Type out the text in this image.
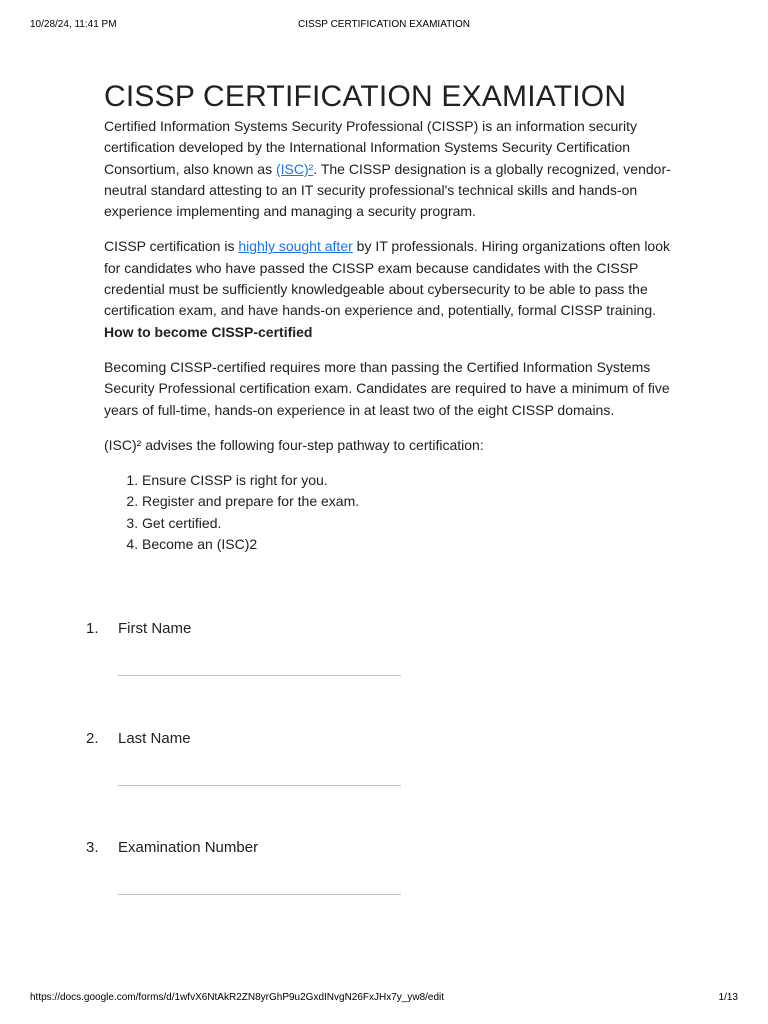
10/28/24, 11:41 PM	CISSP CERTIFICATION EXAMIATION
CISSP CERTIFICATION EXAMIATION

Certified Information Systems Security Professional (CISSP) is an information security certification developed by the International Information Systems Security Certification Consortium, also known as (ISC)². The CISSP designation is a globally recognized, vendor-neutral standard attesting to an IT security professional's technical skills and hands-on experience implementing and managing a security program.

CISSP certification is highly sought after by IT professionals. Hiring organizations often look for candidates who have passed the CISSP exam because candidates with the CISSP credential must be sufficiently knowledgeable about cybersecurity to be able to pass the certification exam, and have hands-on experience and, potentially, formal CISSP training.

How to become CISSP-certified

Becoming CISSP-certified requires more than passing the Certified Information Systems Security Professional certification exam. Candidates are required to have a minimum of five years of full-time, hands-on experience in at least two of the eight CISSP domains.

(ISC)² advises the following four-step pathway to certification:

1. Ensure CISSP is right for you.
2. Register and prepare for the exam.
3. Get certified.
4. Become an (ISC)2
1. First Name
2. Last Name
3. Examination Number
https://docs.google.com/forms/d/1wfvX6NtAkR2ZN8yrGhP9u2GxdINvgN26FxJHx7y_yw8/edit	1/13
